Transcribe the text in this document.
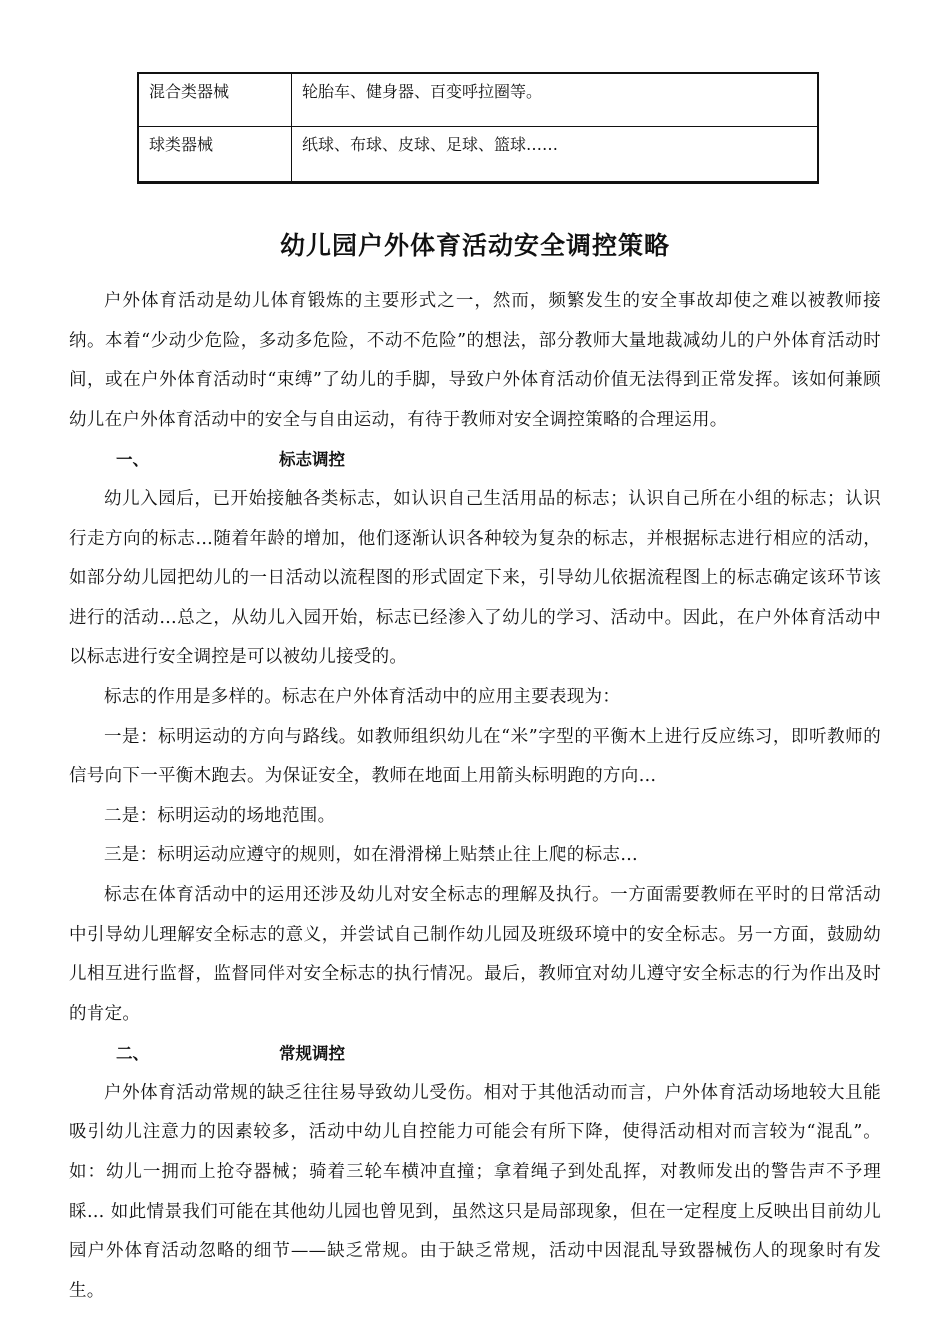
混合类器械	轮胎车、健身器、百变呼拉圈等。
球类器械	纸球、布球、皮球、足球、篮球……
幼儿园户外体育活动安全调控策略

户外体育活动是幼儿体育锻炼的主要形式之一，然而，频繁发生的安全事故却使之难以被教师接纳。本着“少动少危险，多动多危险，不动不危险”的想法，部分教师大量地裁减幼儿的户外体育活动时间，或在户外体育活动时“束缚”了幼儿的手脚，导致户外体育活动价值无法得到正常发挥。该如何兼顾幼儿在户外体育活动中的安全与自由运动，有待于教师对安全调控策略的合理运用。

一、	标志调控

幼儿入园后，已开始接触各类标志，如认识自己生活用品的标志；认识自己所在小组的标志；认识行走方向的标志…随着年龄的增加，他们逐渐认识各种较为复杂的标志，并根据标志进行相应的活动，如部分幼儿园把幼儿的一日活动以流程图的形式固定下来，引导幼儿依据流程图上的标志确定该环节该进行的活动…总之，从幼儿入园开始，标志已经渗入了幼儿的学习、活动中。因此，在户外体育活动中以标志进行安全调控是可以被幼儿接受的。

标志的作用是多样的。标志在户外体育活动中的应用主要表现为：

一是：标明运动的方向与路线。如教师组织幼儿在“米”字型的平衡木上进行反应练习，即听教师的信号向下一平衡木跑去。为保证安全，教师在地面上用箭头标明跑的方向…

二是：标明运动的场地范围。

三是：标明运动应遵守的规则，如在滑滑梯上贴禁止往上爬的标志…

标志在体育活动中的运用还涉及幼儿对安全标志的理解及执行。一方面需要教师在平时的日常活动中引导幼儿理解安全标志的意义，并尝试自己制作幼儿园及班级环境中的安全标志。另一方面，鼓励幼儿相互进行监督，监督同伴对安全标志的执行情况。最后，教师宜对幼儿遵守安全标志的行为作出及时的肯定。

二、	常规调控

户外体育活动常规的缺乏往往易导致幼儿受伤。相对于其他活动而言，户外体育活动场地较大且能吸引幼儿注意力的因素较多，活动中幼儿自控能力可能会有所下降，使得活动相对而言较为“混乱”。如：幼儿一拥而上抢夺器械；骑着三轮车横冲直撞；拿着绳子到处乱挥，对教师发出的警告声不予理睬… 如此情景我们可能在其他幼儿园也曾见到，虽然这只是局部现象，但在一定程度上反映出目前幼儿园户外体育活动忽略的细节——缺乏常规。由于缺乏常规，活动中因混乱导致器械伤人的现象时有发生。
